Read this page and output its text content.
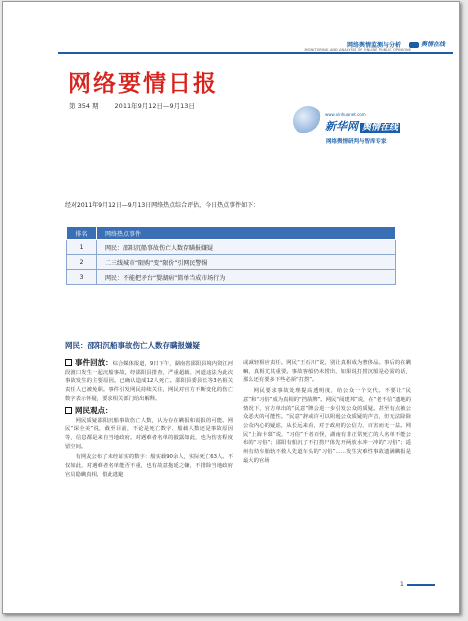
网络舆情监测与分析
MONITORING AND ANALYSIS OF ONLINE PUBLIC OPINIONS
舆情在线
网络要情日报
第 354 期 2011年9月12日—9月13日
www.xinhuanet.com
新华网 舆情在线
网络舆情研判与智库专家
经对2011年9月12日—9月13日网络热点综合评估，今日热点事件如下：
排名	网络热点事件
1	网民：邵阳沉船事故伤亡人数存瞒报嫌疑
2	二三线城市“限购”变“限价”引网民警惕
3	网民：不能把矛台“婴湖病”简单当成市场行为
网民：邵阳沉船事故伤亡人数存瞒报嫌疑

事件回放：综合媒体报道，9日下午，湖南省邵阳县境内资江河段渡口发生一起沉船事故。经邵阳县排查，严重超载、河道违法为此次事故发生的主要原因。已确认造成12人死亡。邵阳县委县长等3名相关责任人已被免职。事件引发网民持续关注，网民对官方不断变化的伤亡数字表示怀疑，要求相关部门给出解释。

网民观点：

网民质疑邵阳沉船事故伤亡人数，认为存在瞒报和谎报的可能。网民“深全美”说，截至目前，不论是死亡数字、船载人数还是事故原因等，信息都是来自当地政府。对遇难者名单的披露如此，也为伤害程度留空间。

有网友公布了未经证实的数字：船实载90余人，实际死亡63人。不仅如此，对遇难者名单能否不重，也有故意拖延之嫌，不排除当地政府官员隐瞒真相，借此逃避

或减轻相应责任。网民“王石川”说，别让真相成为奢侈品。事后的在瞒嘛，真相尤其重要。事故客船仍未捞出，如果说打捞沉船是必需的话，那么还有要多下些必须“打捞”。

网民要求事故处理提高透明度，给公众一个交代。不要让“民意”和“习俗”成为真相的“挡箭牌”。网民“阅建邦”说，在“老不信”遗地的情况下，官方单出的“民意”牌会进一步引发公众的质疑。甚至有点被公众恶火的可能性。“民意”辞或许可以阻遏公众质疑的声音，但无法除除公众内心的疑虑，从长远来看，对于政府的公信力，百害而无一益。网民“上海卡慕”说，“习俗”千者百怪，湖南有非正常死亡的人名单不能公布的“习俗”；邵阳有船沉了不打捞尸体先开两放水冲一冲的“习俗”；遥州有幼车胎轨不救人先道车头的“习俗”……发生灾难性事故遗满瞒报是最大的官场

1
